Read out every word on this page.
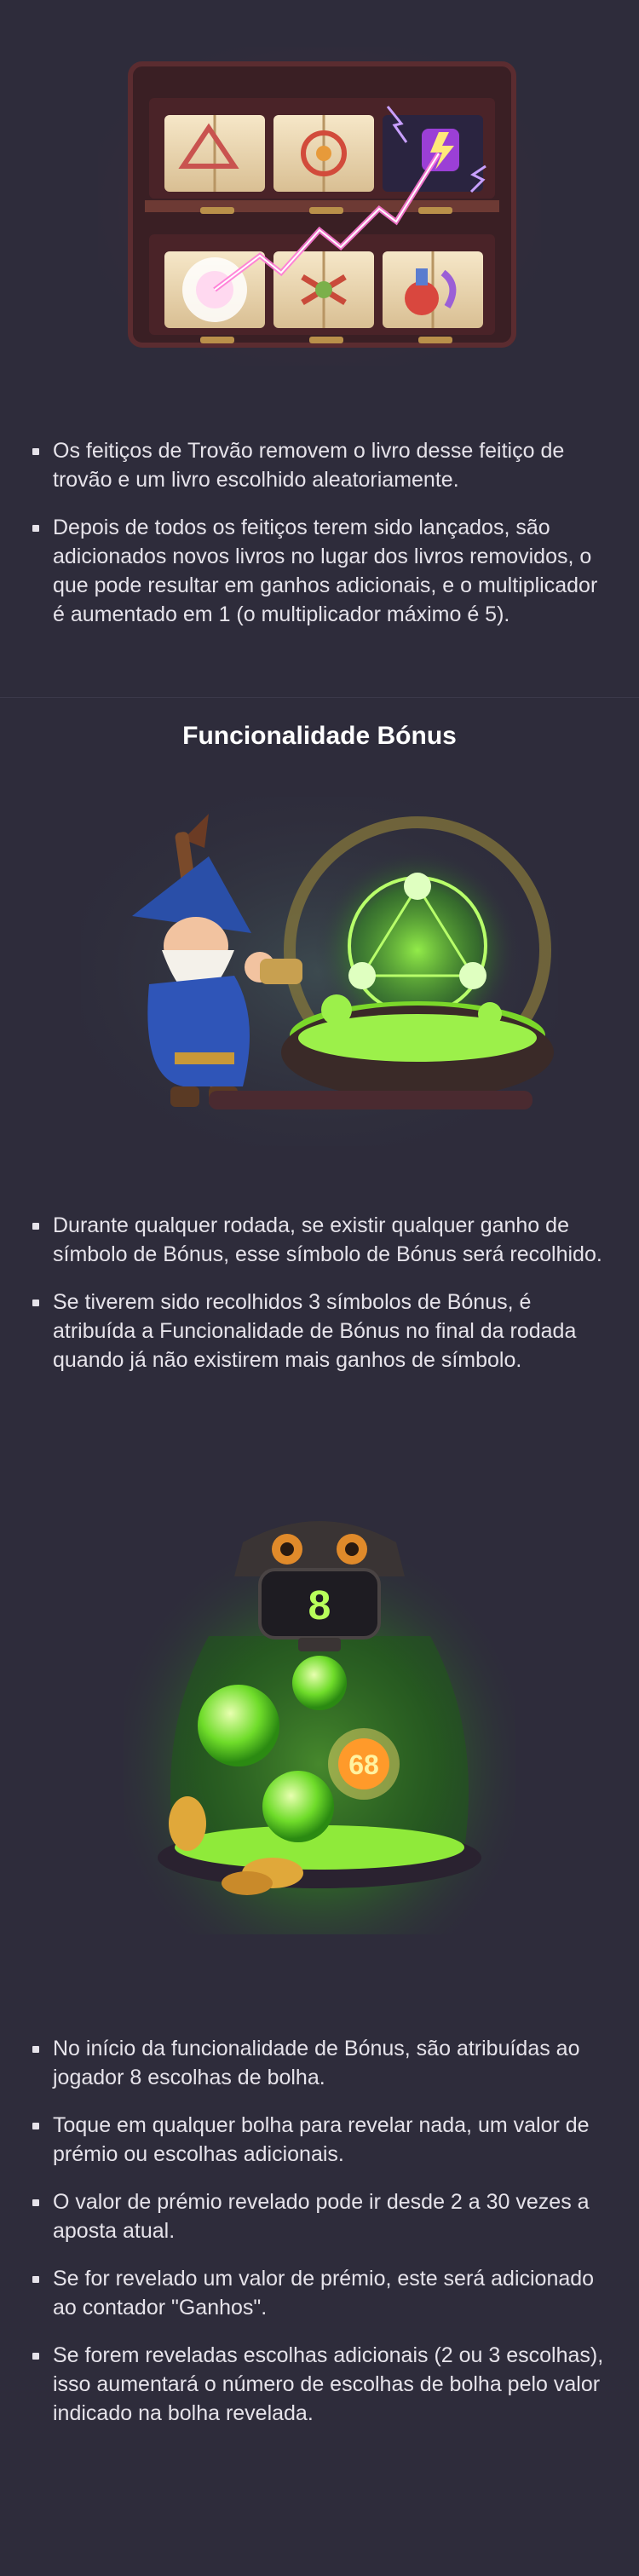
Os feitiços de Trovão removem o livro desse feitiço de trovão e um livro escolhido aleatoriamente.
Depois de todos os feitiços terem sido lançados, são adicionados novos livros no lugar dos livros removidos, o que pode resultar em ganhos adicionais, e o multiplicador é aumentado em 1 (o multiplicador máximo é 5).
Funcionalidade Bónus
Durante qualquer rodada, se existir qualquer ganho de símbolo de Bónus, esse símbolo de Bónus será recolhido.
Se tiverem sido recolhidos 3 símbolos de Bónus, é atribuída a Funcionalidade de Bónus no final da rodada quando já não existirem mais ganhos de símbolo.
8
68
No início da funcionalidade de Bónus, são atribuídas ao jogador 8 escolhas de bolha.
Toque em qualquer bolha para revelar nada, um valor de prémio ou escolhas adicionais.
O valor de prémio revelado pode ir desde 2 a 30 vezes a aposta atual.
Se for revelado um valor de prémio, este será adicionado ao contador "Ganhos".
Se forem reveladas escolhas adicionais (2 ou 3 escolhas), isso aumentará o número de escolhas de bolha pelo valor indicado na bolha revelada.
